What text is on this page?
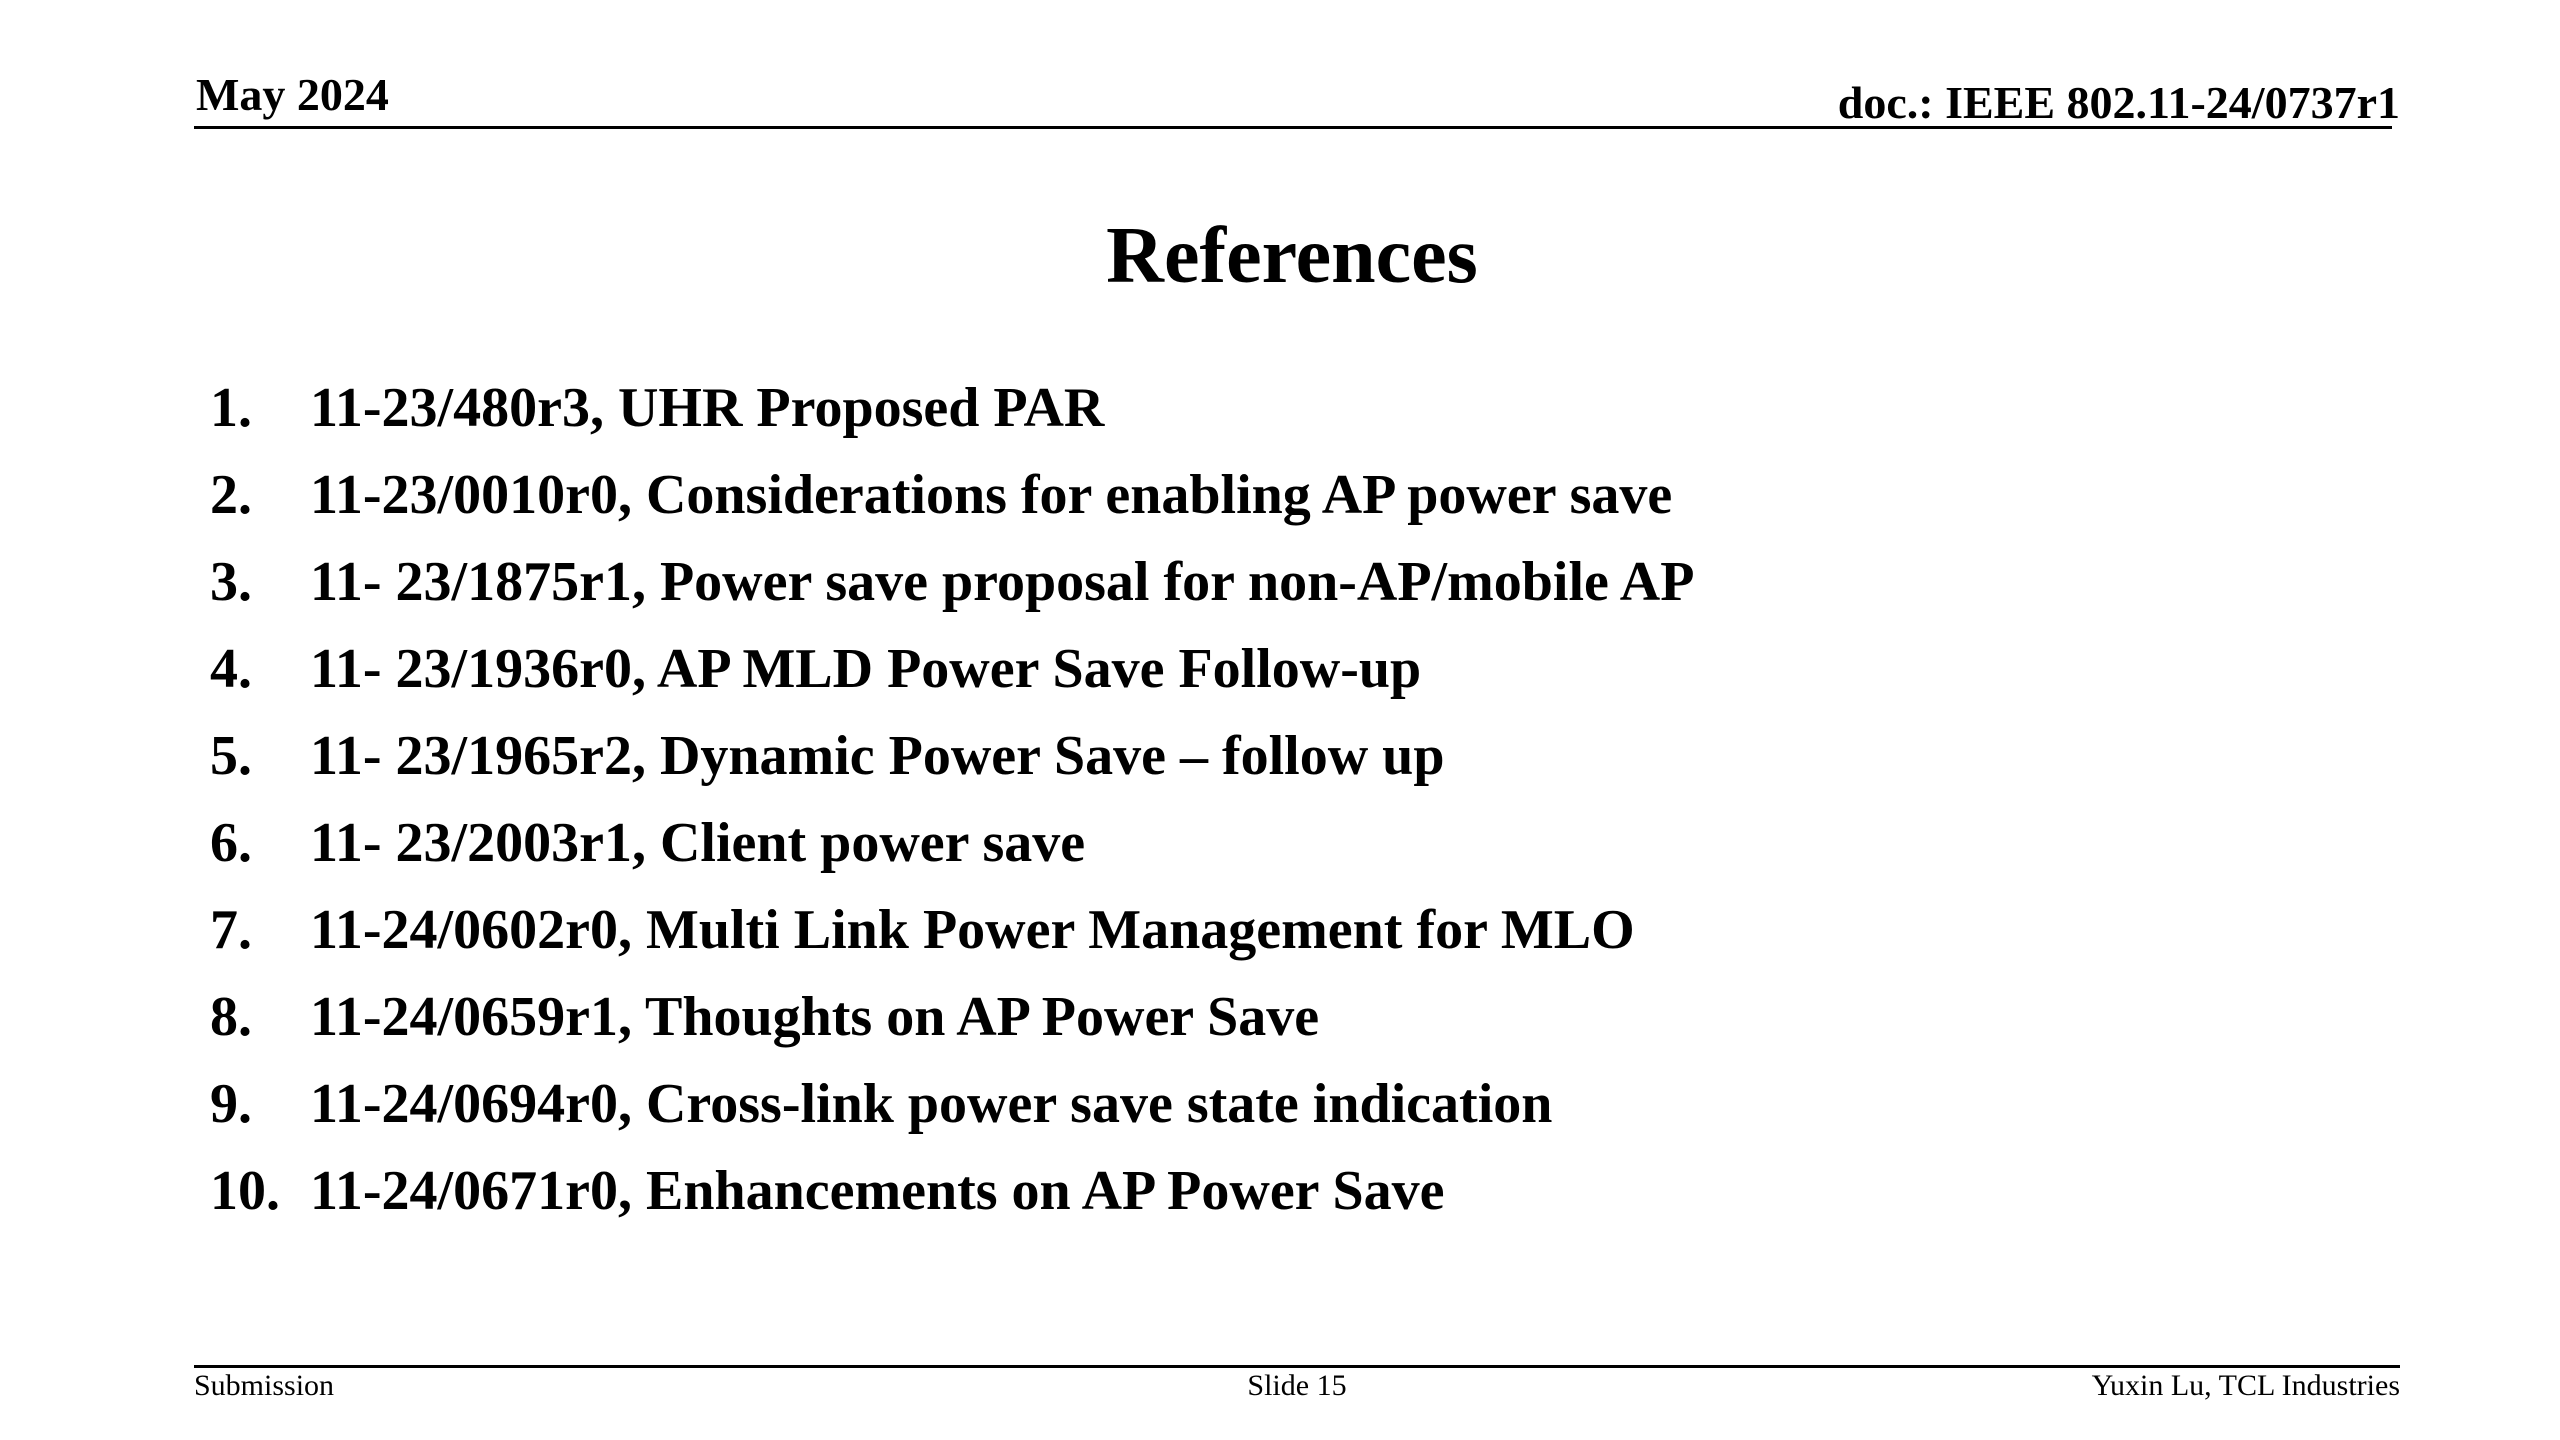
May 2024	doc.: IEEE 802.11-24/0737r1
References
1.	11-23/480r3, UHR Proposed PAR
2.	11-23/0010r0, Considerations for enabling AP power save
3.	11- 23/1875r1, Power save proposal for non-AP/mobile AP
4.	11- 23/1936r0, AP MLD Power Save Follow-up
5.	11- 23/1965r2, Dynamic Power Save – follow up
6.	11- 23/2003r1, Client power save
7.	11-24/0602r0, Multi Link Power Management for MLO
8.	11-24/0659r1, Thoughts on AP Power Save
9.	11-24/0694r0, Cross-link power save state indication
10. 11-24/0671r0, Enhancements on AP Power Save
Submission	Slide 15	Yuxin Lu, TCL Industries
